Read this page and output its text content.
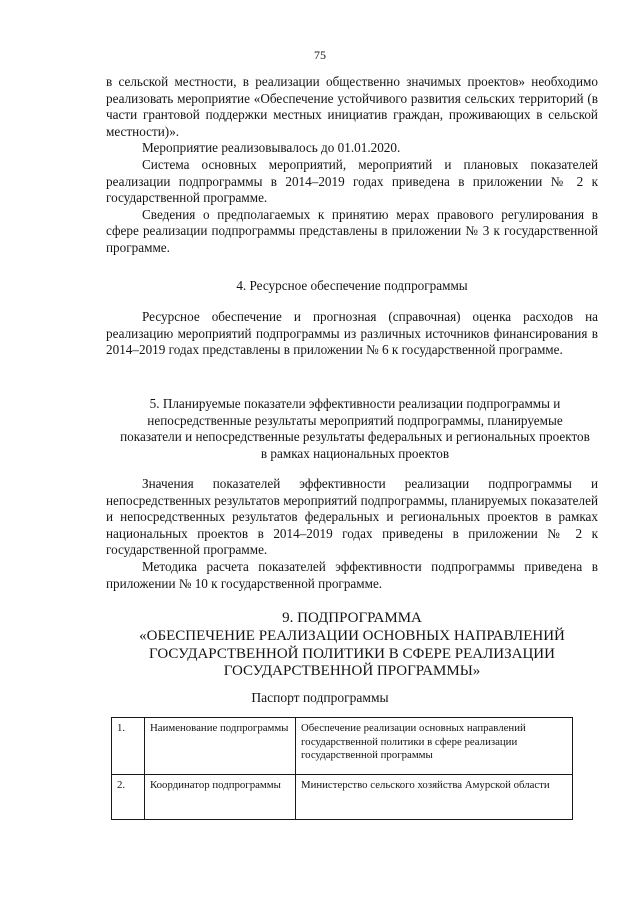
75

в сельской местности, в реализации общественно значимых проектов» необходимо реализовать мероприятие «Обеспечение устойчивого развития сельских территорий (в части грантовой поддержки местных инициатив граждан, проживающих в сельской местности)».

Мероприятие реализовывалось до 01.01.2020.

Система основных мероприятий, мероприятий и плановых показателей реализации подпрограммы в 2014–2019 годах приведена в приложении № 2 к государственной программе.

Сведения о предполагаемых к принятию мерах правового регулирования в сфере реализации подпрограммы представлены в приложении № 3 к государственной программе.

4. Ресурсное обеспечение подпрограммы

Ресурсное обеспечение и прогнозная (справочная) оценка расходов на реализацию мероприятий подпрограммы из различных источников финансирования в 2014–2019 годах представлены в приложении № 6 к государственной программе.

5. Планируемые показатели эффективности реализации подпрограммы и непосредственные результаты мероприятий подпрограммы, планируемые показатели и непосредственные результаты федеральных и региональных проектов в рамках национальных проектов

Значения показателей эффективности реализации подпрограммы и непосредственных результатов мероприятий подпрограммы, планируемых показателей и непосредственных результатов федеральных и региональных проектов в рамках национальных проектов в 2014–2019 годах приведены в приложении № 2 к государственной программе.

Методика расчета показателей эффективности подпрограммы приведена в приложении № 10 к государственной программе.

9. ПОДПРОГРАММА
«ОБЕСПЕЧЕНИЕ РЕАЛИЗАЦИИ ОСНОВНЫХ НАПРАВЛЕНИЙ ГОСУДАРСТВЕННОЙ ПОЛИТИКИ В СФЕРЕ РЕАЛИЗАЦИИ ГОСУДАРСТВЕННОЙ ПРОГРАММЫ»
Паспорт подпрограммы
1.	Наименование подпрограммы	Обеспечение реализации основных направлений государственной политики в сфере реализации государственной программы
2.	Координатор подпрограммы	Министерство сельского хозяйства Амурской области
